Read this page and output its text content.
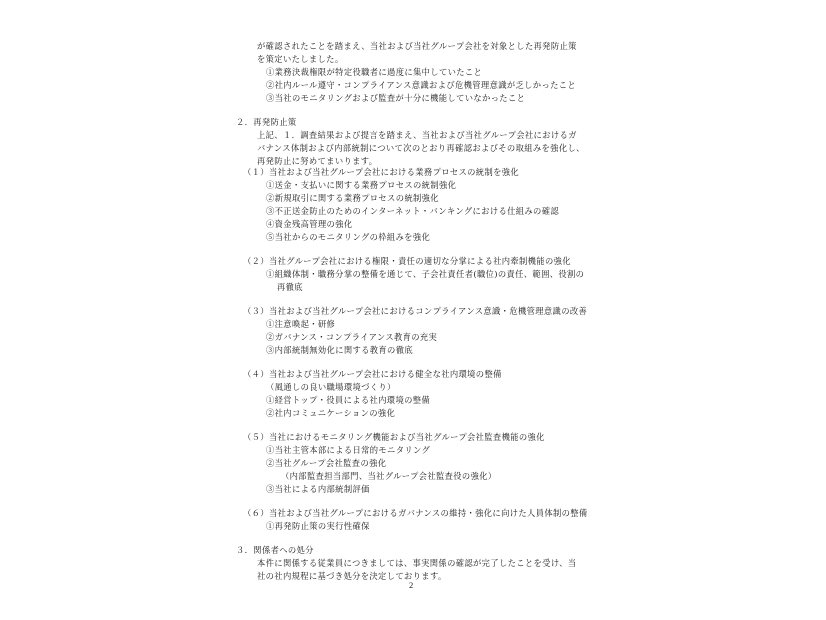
が確認されたことを踏まえ、当社および当社グループ会社を対象とした再発防止策
を策定いたしました。
①業務決裁権限が特定役職者に過度に集中していたこと
②社内ルール遵守・コンプライアンス意識および危機管理意識が乏しかったこと
③当社のモニタリングおよび監査が十分に機能していなかったこと
２．再発防止策
上記、１．調査結果および提言を踏まえ、当社および当社グループ会社におけるガ
バナンス体制および内部統制について次のとおり再確認およびその取組みを強化し、
再発防止に努めてまいります。
（１）当社および当社グループ会社における業務プロセスの統制を強化
①送金・支払いに関する業務プロセスの統制強化
②新規取引に関する業務プロセスの統制強化
③不正送金防止のためのインターネット・バンキングにおける仕組みの確認
④資金残高管理の強化
⑤当社からのモニタリングの枠組みを強化
（２）当社グループ会社における権限・責任の適切な分掌による社内牽制機能の強化
①組織体制・職務分掌の整備を通じて、子会社責任者(職位)の責任、範囲、役割の
再徹底
（３）当社および当社グループ会社におけるコンプライアンス意識・危機管理意識の改善
①注意喚起・研修
②ガバナンス・コンプライアンス教育の充実
③内部統制無効化に関する教育の徹底
（４）当社および当社グループ会社における健全な社内環境の整備
（風通しの良い職場環境づくり）
①経営トップ・役員による社内環境の整備
②社内コミュニケーションの強化
（５）当社におけるモニタリング機能および当社グループ会社監査機能の強化
①当社主管本部による日常的モニタリング
②当社グループ会社監査の強化
（内部監査担当部門、当社グループ会社監査役の強化）
③当社による内部統制評価
（６）当社および当社グループにおけるガバナンスの維持・強化に向けた人員体制の整備
①再発防止策の実行性確保
３．関係者への処分
本件に関係する従業員につきましては、事実関係の確認が完了したことを受け、当
社の社内規程に基づき処分を決定しております。
2
